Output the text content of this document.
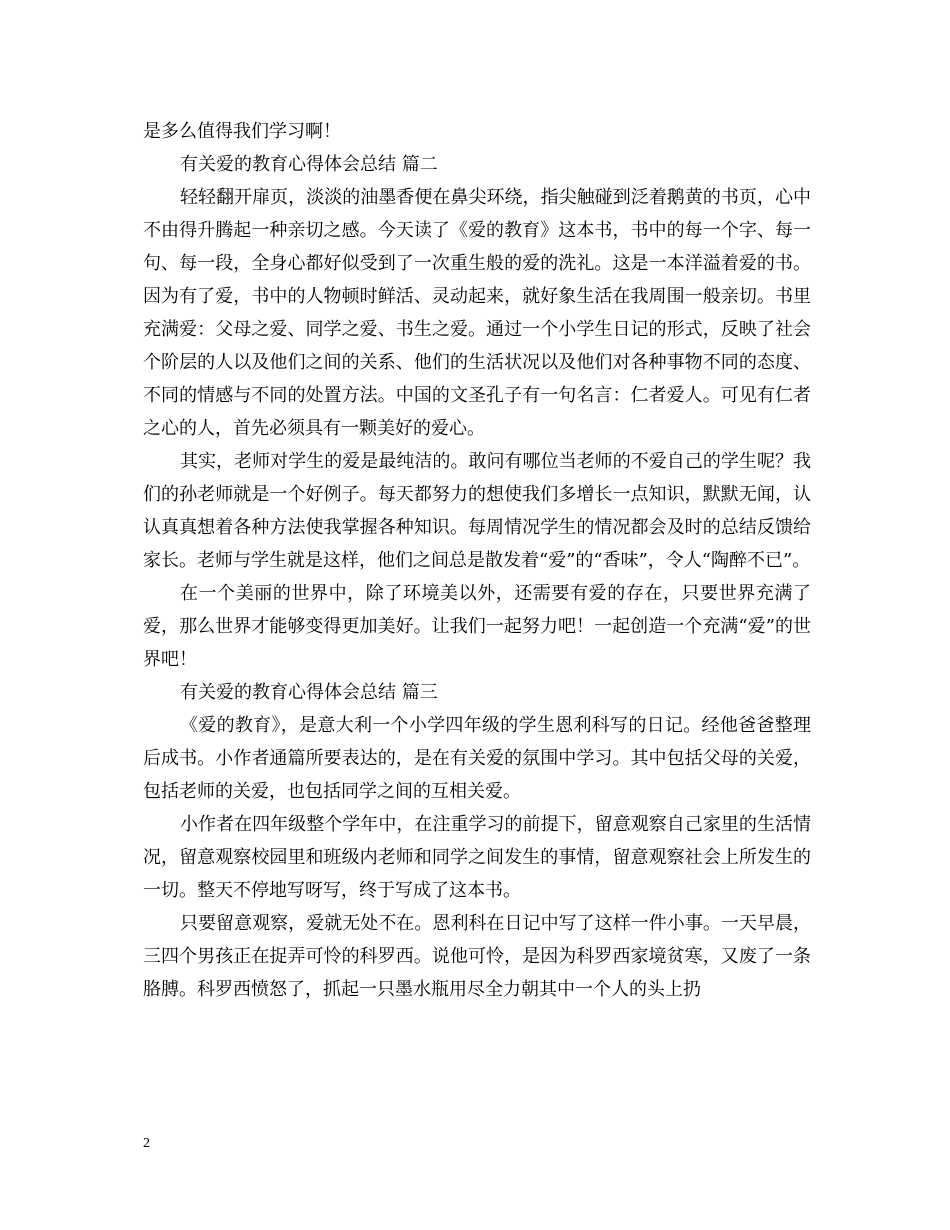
是多么值得我们学习啊！

有关爱的教育心得体会总结 篇二

轻轻翻开扉页，淡淡的油墨香便在鼻尖环绕，指尖触碰到泛着鹅黄的书页，心中不由得升腾起一种亲切之感。今天读了《爱的教育》这本书，书中的每一个字、每一句、每一段，全身心都好似受到了一次重生般的爱的洗礼。这是一本洋溢着爱的书。因为有了爱，书中的人物顿时鲜活、灵动起来，就好象生活在我周围一般亲切。书里充满爱：父母之爱、同学之爱、书生之爱。通过一个小学生日记的形式，反映了社会个阶层的人以及他们之间的关系、他们的生活状况以及他们对各种事物不同的态度、不同的情感与不同的处置方法。中国的文圣孔子有一句名言：仁者爱人。可见有仁者之心的人，首先必须具有一颗美好的爱心。

其实，老师对学生的爱是最纯洁的。敢问有哪位当老师的不爱自己的学生呢？我们的孙老师就是一个好例子。每天都努力的想使我们多增长一点知识，默默无闻，认认真真想着各种方法使我掌握各种知识。每周情况学生的情况都会及时的总结反馈给家长。老师与学生就是这样，他们之间总是散发着“爱”的“香味”，令人“陶醉不已”。

在一个美丽的世界中，除了环境美以外，还需要有爱的存在，只要世界充满了爱，那么世界才能够变得更加美好。让我们一起努力吧！一起创造一个充满“爱”的世界吧！

有关爱的教育心得体会总结 篇三

《爱的教育》，是意大利一个小学四年级的学生恩利科写的日记。经他爸爸整理后成书。小作者通篇所要表达的，是在有关爱的氛围中学习。其中包括父母的关爱，包括老师的关爱，也包括同学之间的互相关爱。

小作者在四年级整个学年中，在注重学习的前提下，留意观察自己家里的生活情况，留意观察校园里和班级内老师和同学之间发生的事情，留意观察社会上所发生的一切。整天不停地写呀写，终于写成了这本书。

只要留意观察，爱就无处不在。恩利科在日记中写了这样一件小事。一天早晨，三四个男孩正在捉弄可怜的科罗西。说他可怜，是因为科罗西家境贫寒，又废了一条胳膊。科罗西愤怒了，抓起一只墨水瓶用尽全力朝其中一个人的头上扔

2
